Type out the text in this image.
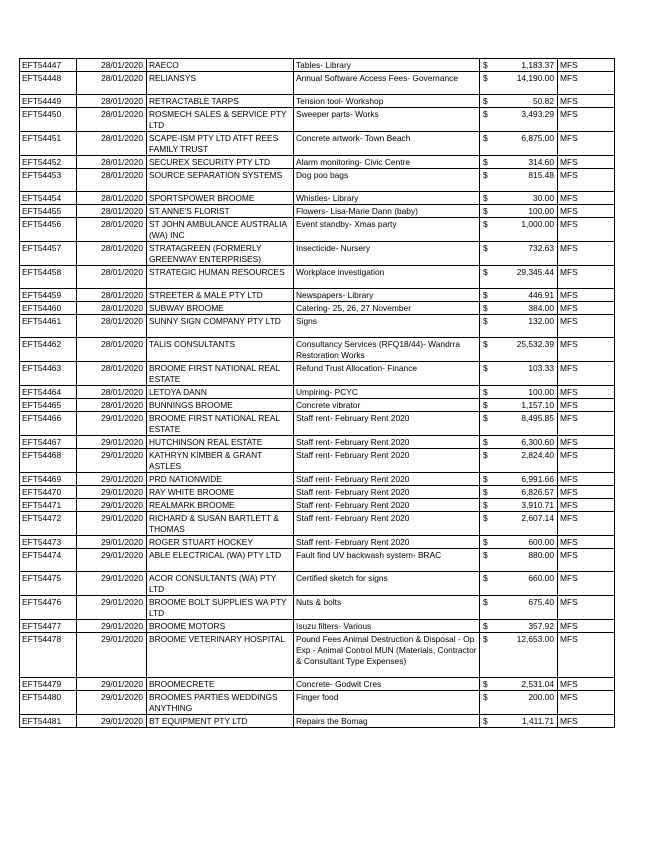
EFT54447	28/01/2020	RAECO	Tables- Library	$	1,183.37	MFS
EFT54448	28/01/2020	RELIANSYS	Annual Software Access Fees- Governance	$	14,190.00	MFS
EFT54449	28/01/2020	RETRACTABLE TARPS	Tension tool- Workshop	$	50.82	MFS
EFT54450	28/01/2020	ROSMECH SALES & SERVICE PTY LTD	Sweeper parts- Works	$	3,493.29	MFS
EFT54451	28/01/2020	SCAPE-ISM PTY LTD ATFT REES FAMILY TRUST	Concrete artwork- Town Beach	$	6,875.00	MFS
EFT54452	28/01/2020	SECUREX SECURITY PTY LTD	Alarm monitoring- Civic Centre	$	314.60	MFS
EFT54453	28/01/2020	SOURCE SEPARATION SYSTEMS	Dog poo bags	$	815.48	MFS
EFT54454	28/01/2020	SPORTSPOWER BROOME	Whistles- Library	$	30.00	MFS
EFT54455	28/01/2020	ST ANNE'S FLORIST	Flowers- Lisa-Marie Dann (baby)	$	100.00	MFS
EFT54456	28/01/2020	ST JOHN AMBULANCE AUSTRALIA (WA) INC	Event standby- Xmas party	$	1,000.00	MFS
EFT54457	28/01/2020	STRATAGREEN (FORMERLY GREENWAY ENTERPRISES)	Insecticide- Nursery	$	732.63	MFS
EFT54458	28/01/2020	STRATEGIC HUMAN RESOURCES	Workplace investigation	$	29,345.44	MFS
EFT54459	28/01/2020	STREETER & MALE PTY LTD	Newspapers- Library	$	446.91	MFS
EFT54460	28/01/2020	SUBWAY BROOME	Catering- 25, 26, 27 November	$	384.00	MFS
EFT54461	28/01/2020	SUNNY SIGN COMPANY PTY LTD	Signs	$	132.00	MFS
EFT54462	28/01/2020	TALIS CONSULTANTS	Consultancy Services (RFQ18/44)- Wandrra Restoration Works	$	25,532.39	MFS
EFT54463	28/01/2020	BROOME FIRST NATIONAL REAL ESTATE	Refund Trust Allocation- Finance	$	103.33	MFS
EFT54464	28/01/2020	LETOYA DANN	Umpiring- PCYC	$	100.00	MFS
EFT54465	28/01/2020	BUNNINGS BROOME	Concrete vibrator	$	1,157.10	MFS
EFT54466	29/01/2020	BROOME FIRST NATIONAL REAL ESTATE	Staff rent- February Rent 2020	$	8,495.85	MFS
EFT54467	29/01/2020	HUTCHINSON REAL ESTATE	Staff rent- February Rent 2020	$	6,300.60	MFS
EFT54468	29/01/2020	KATHRYN KIMBER & GRANT ASTLES	Staff rent- February Rent 2020	$	2,824.40	MFS
EFT54469	29/01/2020	PRD NATIONWIDE	Staff rent- February Rent 2020	$	6,991.66	MFS
EFT54470	29/01/2020	RAY WHITE BROOME	Staff rent- February Rent 2020	$	6,826.57	MFS
EFT54471	29/01/2020	REALMARK BROOME	Staff rent- February Rent 2020	$	3,910.71	MFS
EFT54472	29/01/2020	RICHARD & SUSAN BARTLETT & THOMAS	Staff rent- February Rent 2020	$	2,607.14	MFS
EFT54473	29/01/2020	ROGER STUART HOCKEY	Staff rent- February Rent 2020	$	600.00	MFS
EFT54474	29/01/2020	ABLE ELECTRICAL (WA) PTY LTD	Fault find UV backwash system- BRAC	$	880.00	MFS
EFT54475	29/01/2020	ACOR CONSULTANTS (WA) PTY LTD	Certified sketch for signs	$	660.00	MFS
EFT54476	29/01/2020	BROOME BOLT SUPPLIES WA PTY LTD	Nuts & bolts	$	675.40	MFS
EFT54477	29/01/2020	BROOME MOTORS	Isuzu filters- Various	$	357.92	MFS
EFT54478	29/01/2020	BROOME VETERINARY HOSPITAL	Pound Fees Animal Destruction & Disposal - Op Exp - Animal Control MUN (Materials, Contractor & Consultant Type Expenses)	$	12,653.00	MFS
EFT54479	29/01/2020	BROOMECRETE	Concrete- Godwit Cres	$	2,531.04	MFS
EFT54480	29/01/2020	BROOMES PARTIES WEDDINGS ANYTHING	Finger food	$	200.00	MFS
EFT54481	29/01/2020	BT EQUIPMENT PTY LTD	Repairs the Bomag	$	1,411.71	MFS
